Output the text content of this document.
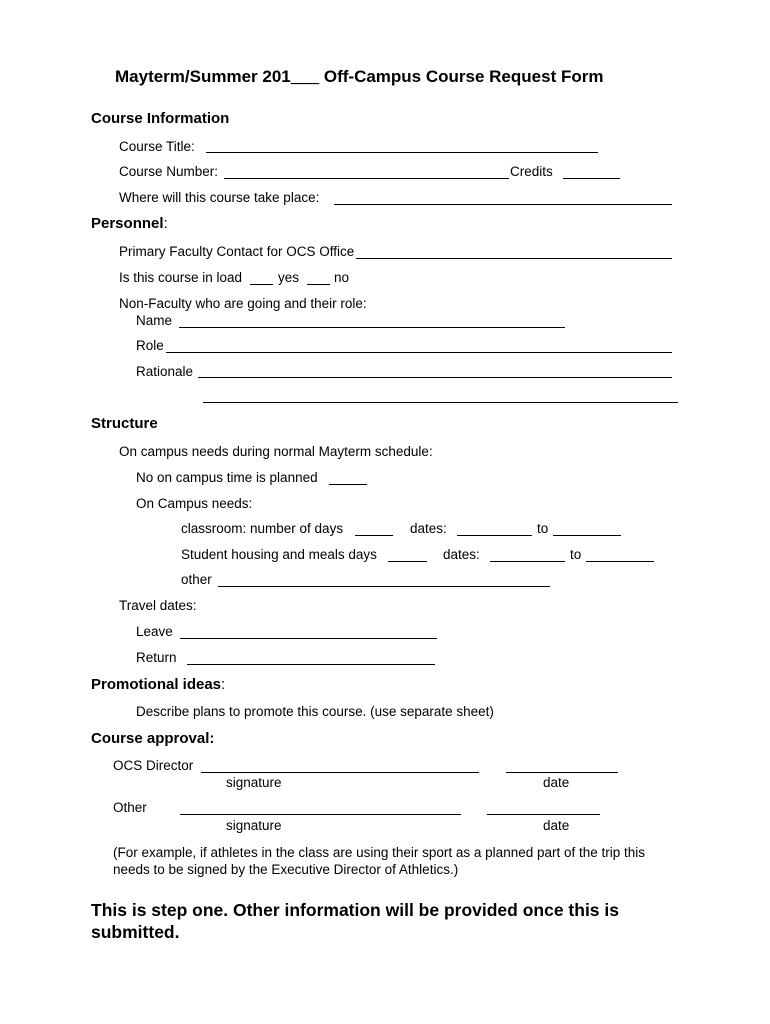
Mayterm/Summer 201___ Off-Campus Course Request Form
Course Information
Course Title:
Course Number:	Credits
Where will this course take place:
Personnel:
Primary Faculty Contact for OCS Office
Is this course in load	yes	no
Non-Faculty who are going and their role:
Name
Role
Rationale
Structure
On campus needs during normal Mayterm schedule:
No on campus time is planned
On Campus needs:
classroom: number of days	dates:	to
Student housing and meals days	dates:	to
other
Travel dates:
Leave
Return
Promotional ideas:
Describe plans to promote this course. (use separate sheet)
Course approval:
OCS Director
signature	date
Other
signature	date
(For example, if athletes in the class are using their sport as a planned part of the trip this needs to be signed by the Executive Director of Athletics.)
This is step one. Other information will be provided once this is submitted.
